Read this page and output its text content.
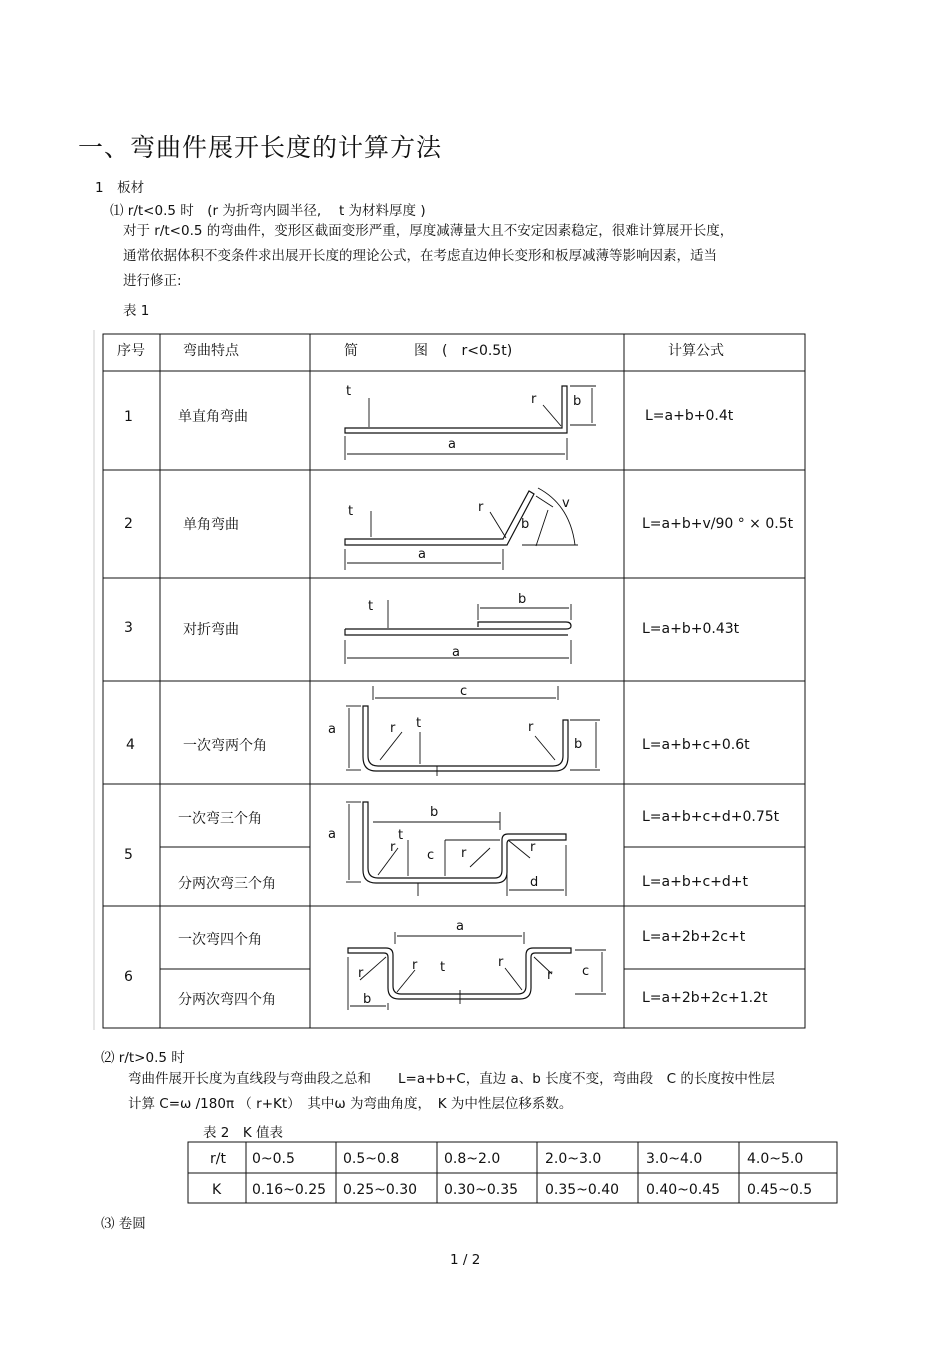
一、弯曲件展开长度的计算方法
1　板材
⑴ r/t<0.5 时　(r 为折弯内圆半径,　 t 为材料厚度 )
对于 r/t<0.5 的弯曲件，变形区截面变形严重，厚度减薄量大且不安定因素稳定，很难计算展开长度，
通常依据体积不变条件求出展开长度的理论公式，在考虑直边伸长变形和板厚减薄等影响因素，适当
进行修正:
表 1
序号	弯曲特点	简　　　　图　(　r<0.5t)	计算公式
1	单直角弯曲	L=a+b+0.4t
2	单角弯曲	L=a+b+v/90 ° × 0.5t
3	对折弯曲	L=a+b+0.43t
4	一次弯两个角	L=a+b+c+0.6t
5
一次弯三个角	L=a+b+c+d+0.75t
分两次弯三个角	L=a+b+c+d+t
6
一次弯四个角	L=a+2b+2c+t
分两次弯四个角	L=a+2b+2c+1.2t
t
r	b
a
t	r
b
v
a
t	b
a
a
c
r t	r
b
a
b
t
r
c r	r
d
a
r
r t	r
r c
b
r/t 0~0.5	0.5~0.8	0.8~2.0	2.0~3.0	3.0~4.0	4.0~5.0
K 0.16~0.25 0.25~0.30 0.30~0.35 0.35~0.40 0.40~0.45 0.45~0.5
⑵ r/t>0.5 时
弯曲件展开长度为直线段与弯曲段之总和　　L=a+b+C，直边 a、b 长度不变，弯曲段　C 的长度按中性层
计算 C=ω /180π （ r+Kt）　其中ω 为弯曲角度，　K 为中性层位移系数。
表 2　K 值表
⑶ 卷圆
1 / 2
